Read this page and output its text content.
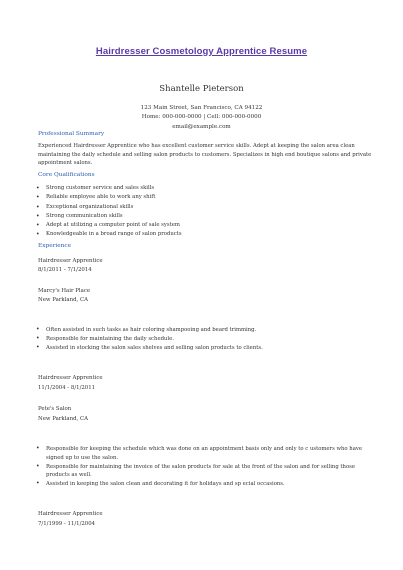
Hairdresser Cosmetology Apprentice Resume
Shantelle Pieterson
123 Main Street, San Francisco, CA 94122
Home: 000-000-0000 | Cell: 000-000-0000
email@example.com
Professional Summary
Experienced Hairdresser Apprentice who has excellent customer service skills. Adept at keeping the salon area clean maintaining the daily schedule and selling salon products to customers. Specializes in high end boutique salons and private appointment salons.
Core Qualifications
• Strong customer service and sales skills
• Reliable employee able to work any shift
• Exceptional organizational skills
• Strong communication skills
• Adept at utilizing a computer point of sale system
• Knowledgeable in a broad range of salon products
Experience
Hairdresser Apprentice
8/1/2011 - 7/1/2014
Marcy's Hair Place
New Parkland, CA
• Often assisted in such tasks as hair coloring shampooing and beard trimming.
• Responsible for maintaining the daily schedule.
• Assisted in stocking the salon sales shelves and selling salon products to clients.
Hairdresser Apprentice
11/1/2004 - 8/1/2011
Pete's Salon
New Parkland, CA
• Responsible for keeping the schedule which was done on an appointment basis only and only to c ustomers who have signed up to use the salon.
• Responsible for maintaining the invoice of the salon products for sale at the front of the salon and for selling those products as well.
• Assisted in keeping the salon clean and decorating it for holidays and sp ecial occasions.
Hairdresser Apprentice
7/1/1999 - 11/1/2004
